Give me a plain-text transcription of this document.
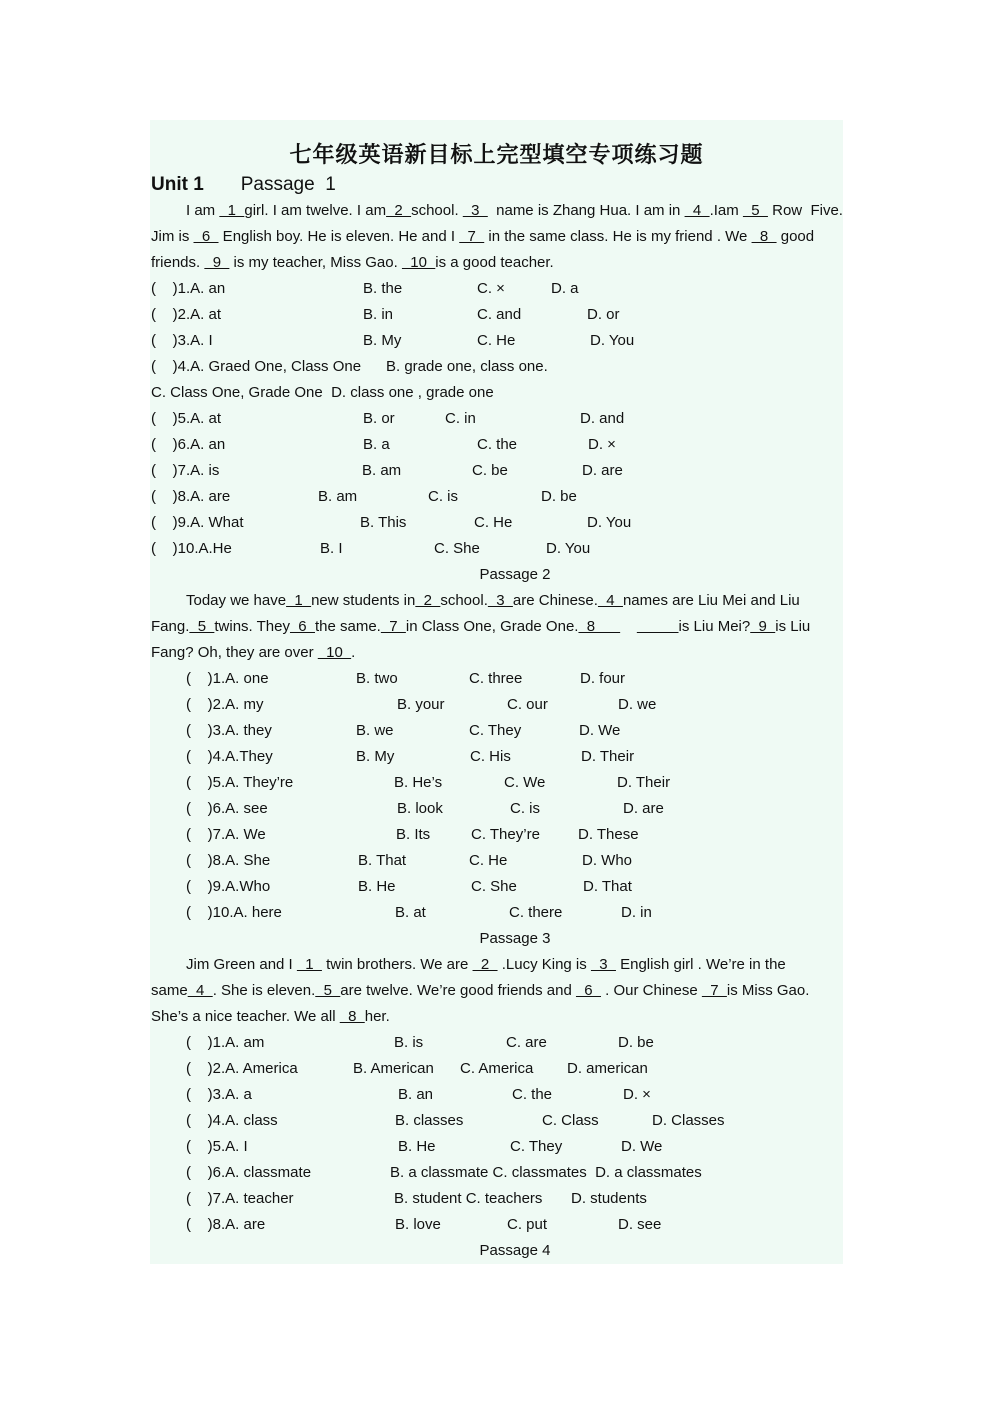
七年级英语新目标上完型填空专项练习题
Unit 1 Passage  1
I am   1  girl. I am twelve. I am  2  school.   3    name is Zhang Hua. I am in   4  .Iam   5   Row  Five.
Jim is   6   English boy. He is eleven. He and I   7   in the same class. He is my friend . We   8   good
friends.   9   is my teacher, Miss Gao.   10  is a good teacher.
(    )1.A. an	B. the	C. ×	D. a
(    )2.A. at	B. in	C. and	D. or
(    )3.A. I	B. My	C. He	D. You
(    )4.A. Graed One, Class One B. grade one, class one.
C. Class One, Grade One  D. class one , grade one
(    )5.A. at	B. or	C. in	D. and
(    )6.A. an	B. a	C. the	D. ×
(    )7.A. is	B. am	C. be	D. are
(    )8.A. are	B. am	C. is	D. be
(    )9.A. What	B. This	C. He	D. You
(    )10.A.He	B. I	C. She	D. You
Passage 2
Today we have  1  new students in  2  school.  3  are Chinese.  4  names are Liu Mei and Liu
Fang.  5  twins. They  6  the same.  7  in Class One, Grade One.  8	is Liu Mei?  9  is Liu
Fang? Oh, they are over   10  .
(    )1.A. one	B. two	C. three	D. four
(    )2.A. my	B. your	C. our	D. we
(    )3.A. they	B. we	C. They	D. We
(    )4.A.They	B. My	C. His	D. Their
(    )5.A. They’re	B. He’s	C. We	D. Their
(    )6.A. see	B. look	C. is	D. are
(    )7.A. We	B. Its	C. They’re	D. These
(    )8.A. She	B. That	C. He	D. Who
(    )9.A.Who	B. He	C. She	D. That
(    )10.A. here	B. at	C. there	D. in
Passage 3
Jim Green and I   1   twin brothers. We are   2   .Lucy King is   3   English girl . We’re in the
same  4  . She is eleven.  5  are twelve. We’re good friends and   6   . Our Chinese   7  is Miss Gao.
She’s a nice teacher. We all   8  her.
(    )1.A. am	B. is	C. are	D. be
(    )2.A. America	B. American C. America D. american
(    )3.A. a	B. an	C. the	D. ×
(    )4.A. class	B. classes	C. Class	D. Classes
(    )5.A. I	B. He	C. They	D. We
(    )6.A. classmate	B. a classmate C. classmates  D. a classmates
(    )7.A. teacher	B. student C. teachers D. students
(    )8.A. are	B. love	C. put	D. see
Passage 4
